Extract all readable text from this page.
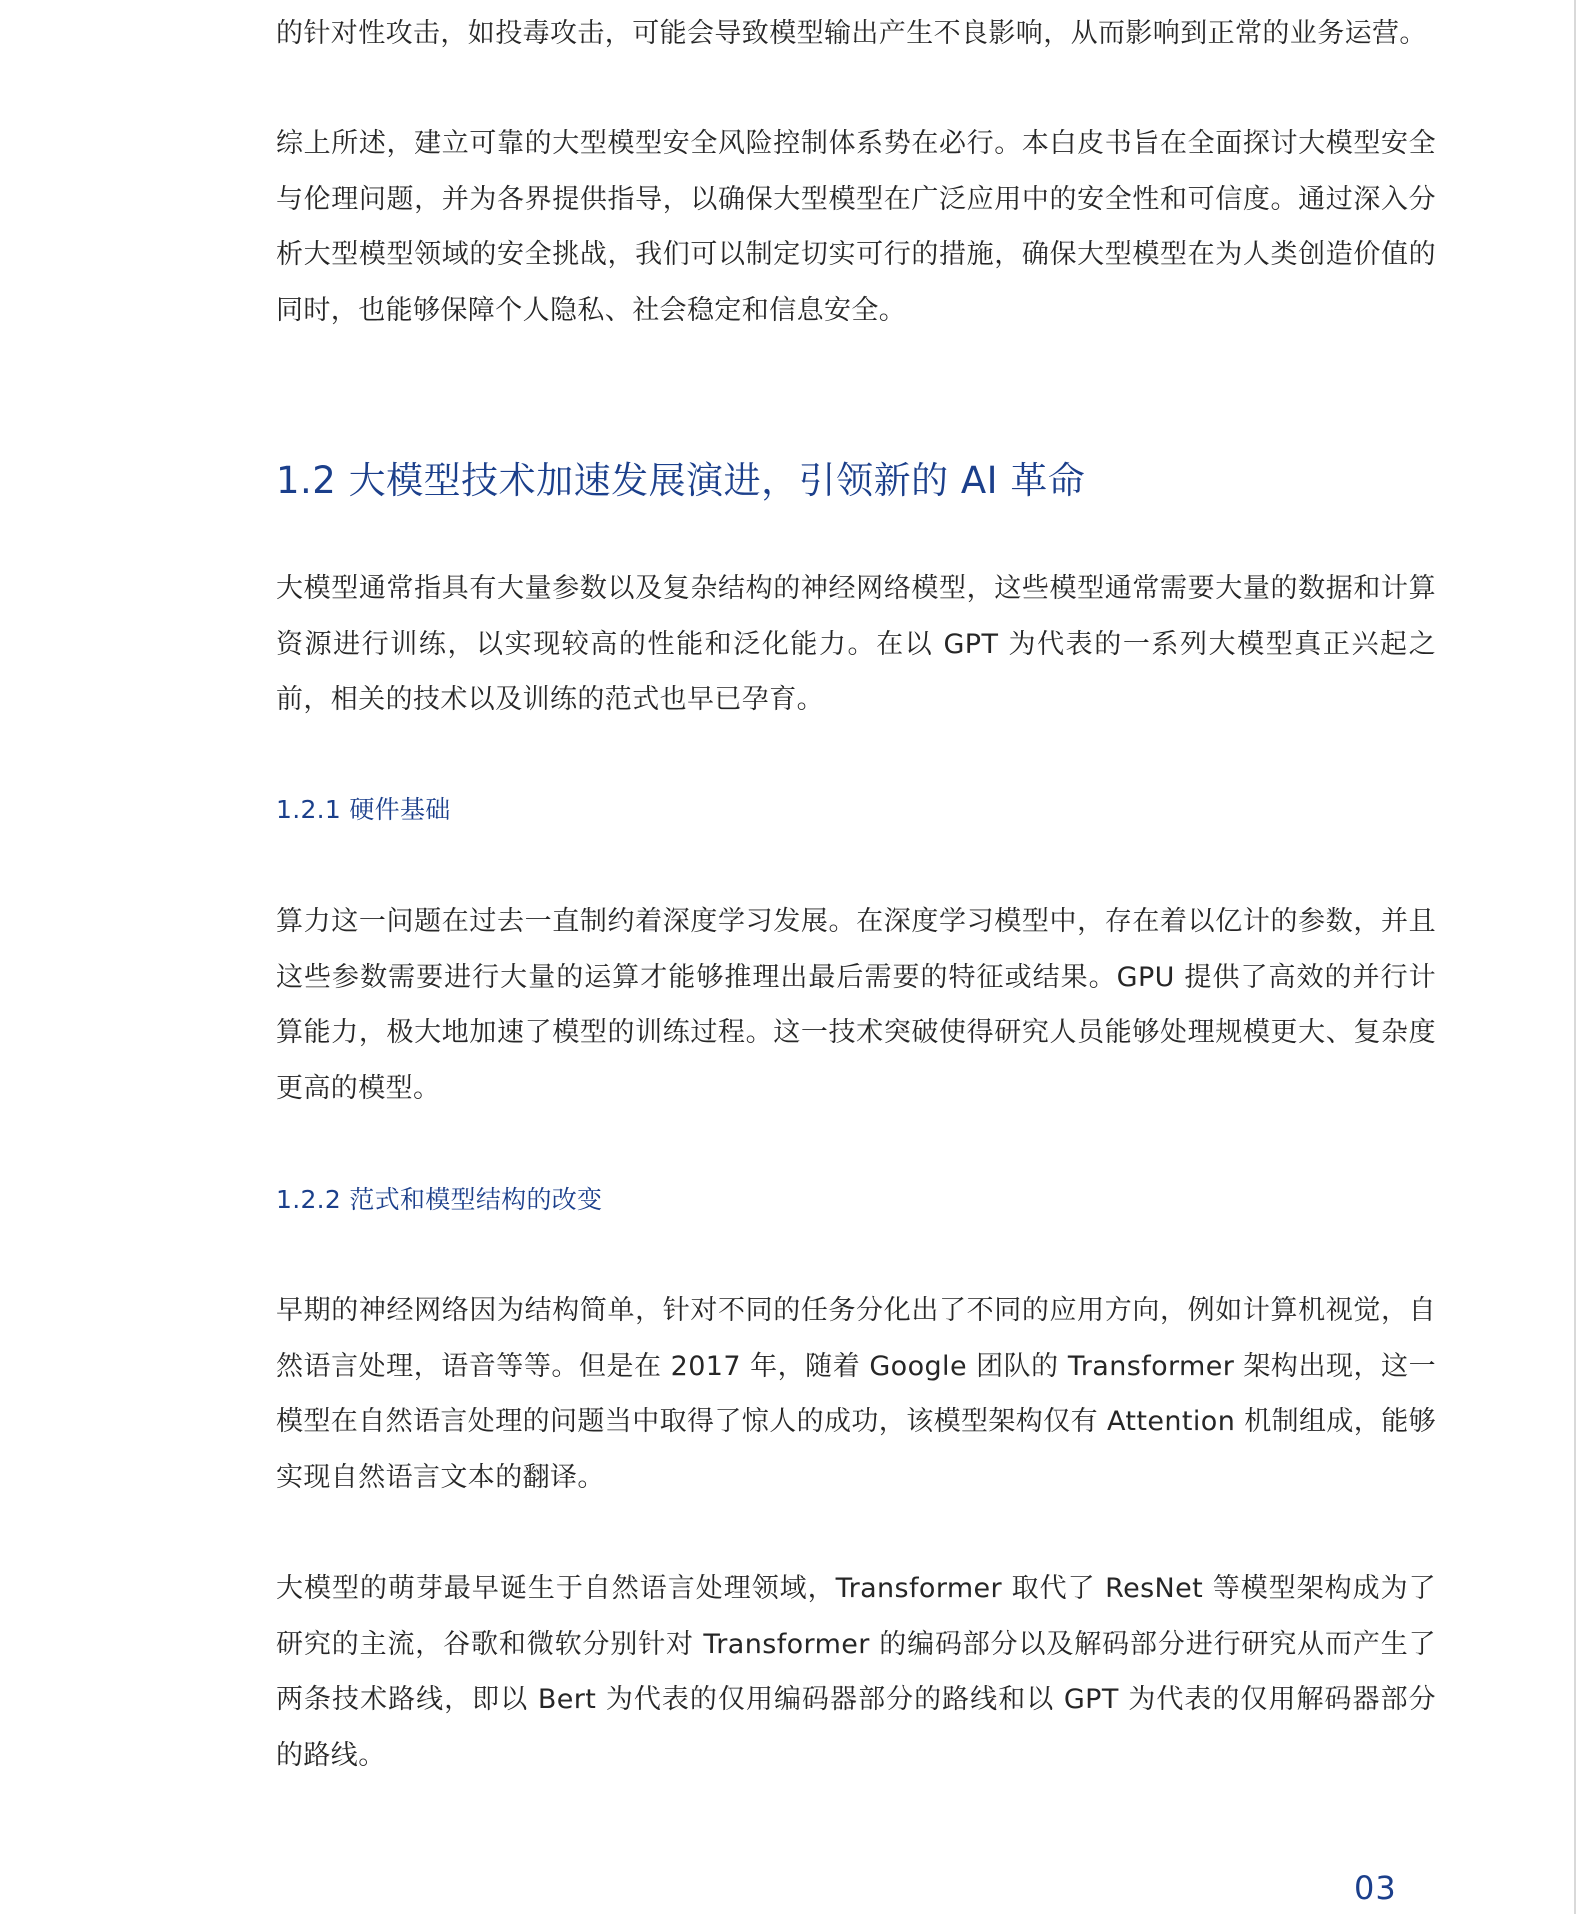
的针对性攻击，如投毒攻击，可能会导致模型输出产生不良影响，从而影响到正常的业务运营。

综上所述，建立可靠的大型模型安全风险控制体系势在必行。本白皮书旨在全面探讨大模型安全与伦理问题，并为各界提供指导，以确保大型模型在广泛应用中的安全性和可信度。通过深入分析大型模型领域的安全挑战，我们可以制定切实可行的措施，确保大型模型在为人类创造价值的同时，也能够保障个人隐私、社会稳定和信息安全。

1.2 大模型技术加速发展演进，引领新的 AI 革命

大模型通常指具有大量参数以及复杂结构的神经网络模型，这些模型通常需要大量的数据和计算资源进行训练，以实现较高的性能和泛化能力。在以 GPT 为代表的一系列大模型真正兴起之前，相关的技术以及训练的范式也早已孕育。

1.2.1 硬件基础

算力这一问题在过去一直制约着深度学习发展。在深度学习模型中，存在着以亿计的参数，并且这些参数需要进行大量的运算才能够推理出最后需要的特征或结果。GPU 提供了高效的并行计算能力，极大地加速了模型的训练过程。这一技术突破使得研究人员能够处理规模更大、复杂度更高的模型。

1.2.2 范式和模型结构的改变

早期的神经网络因为结构简单，针对不同的任务分化出了不同的应用方向，例如计算机视觉，自然语言处理，语音等等。但是在 2017 年，随着 Google 团队的 Transformer 架构出现，这一模型在自然语言处理的问题当中取得了惊人的成功，该模型架构仅有 Attention 机制组成，能够实现自然语言文本的翻译。

大模型的萌芽最早诞生于自然语言处理领域，Transformer 取代了 ResNet 等模型架构成为了研究的主流，谷歌和微软分别针对 Transformer 的编码部分以及解码部分进行研究从而产生了两条技术路线，即以 Bert 为代表的仅用编码器部分的路线和以 GPT 为代表的仅用解码器部分的路线。

03
